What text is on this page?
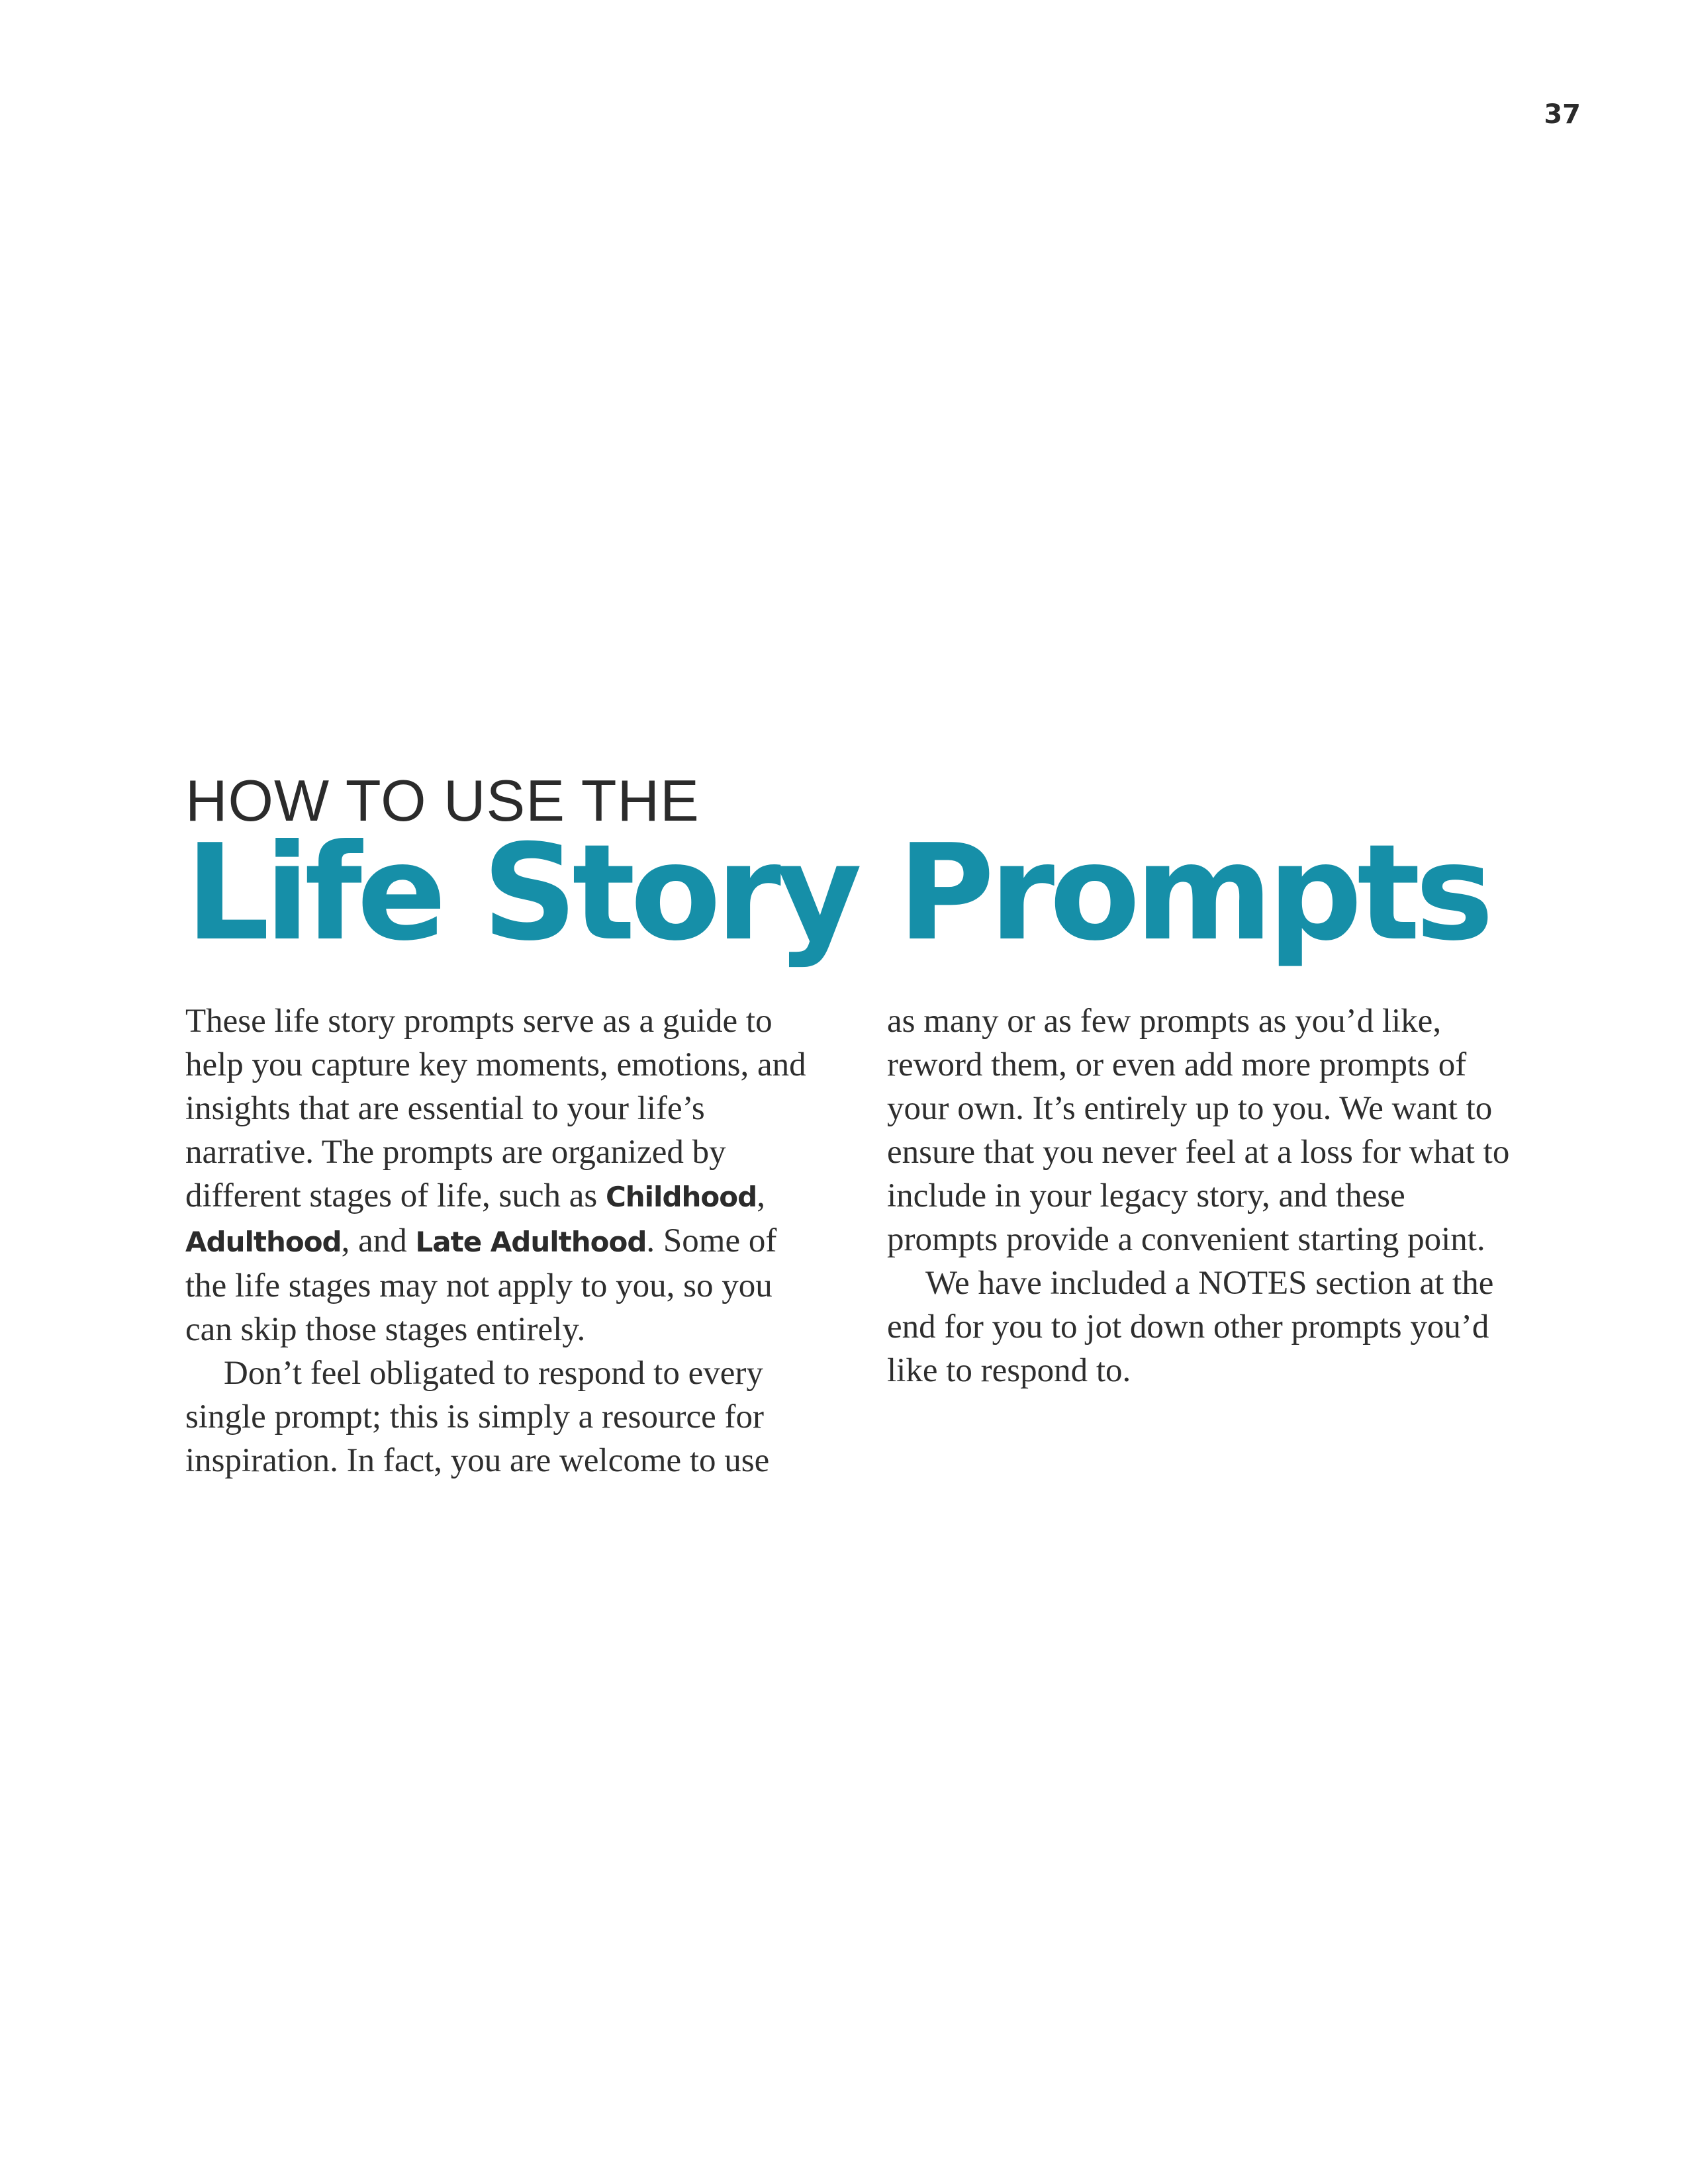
37
HOW TO USE THE
Life Story Prompts

These life story prompts serve as a guide to help you capture key moments, emotions, and insights that are essential to your life’s narrative. The prompts are organized by different stages of life, such as Childhood, Adulthood, and Late Adulthood. Some of the life stages may not apply to you, so you can skip those stages entirely.

Don’t feel obligated to respond to every single prompt; this is simply a resource for inspiration. In fact, you are welcome to use

as many or as few prompts as you’d like, reword them, or even add more prompts of your own. It’s entirely up to you. We want to ensure that you never feel at a loss for what to include in your legacy story, and these prompts provide a convenient starting point.

We have included a NOTES section at the end for you to jot down other prompts you’d like to respond to.
